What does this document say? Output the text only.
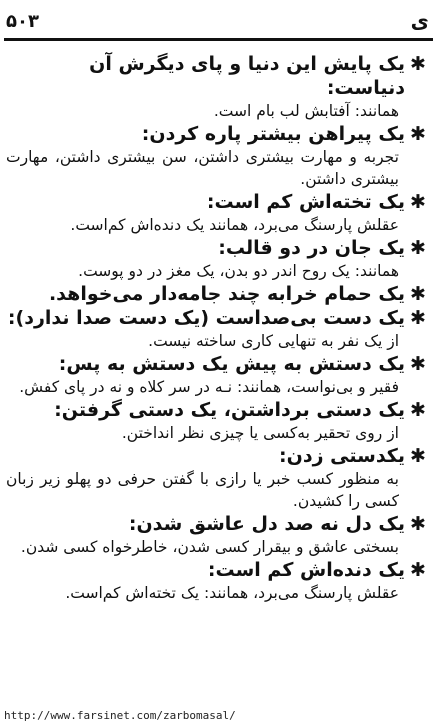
۵۰۳	ی
✱
یک پایش این دنیا و پای دیگرش آن دنیاست:
همانند: آفتابش لب بام است.
✱
یک پیراهن بیشتر پاره کردن:
تجربه و مهارت بیشتری داشتن، سن بیشتری داشتن، مهارت بیشتری داشتن.
✱
یک تخته‌اش کم است:
عقلش پارسنگ می‌برد، همانند یک دنده‌اش کم‌است.
✱
یک جان در دو قالب:
همانند: یک روح اندر دو بدن، یک مغز در دو پوست.
✱
یک حمام خرابه چند جامه‌دار می‌خواهد.
✱
یک دست بی‌صداست (یک دست صدا ندارد):
از یک نفر به تنهایی کاری ساخته نیست.
✱
یک دستش به پیش یک دستش به پس:
فقیر و بی‌نواست، همانند: نـه در سر کلاه و نه در پای کفش.
✱
یک دستی برداشتن، یک دستی گرفتن:
از روی تحقیر به‌کسی یا چیزی نظر انداختن.
✱
یکدستی زدن:
به منظور کسب خبر یا رازی با گفتن حرفی دو پهلو زیر زبان کسی را کشیدن.
✱
یک دل نه صد دل عاشق شدن:
بسختی عاشق و بیقرار کسی شدن، خاطرخواه کسی شدن.
✱
یک دنده‌اش کم است:
عقلش پارسنگ می‌برد، همانند: یک تخته‌اش کم‌است.
http://www.farsinet.com/zarbomasal/
